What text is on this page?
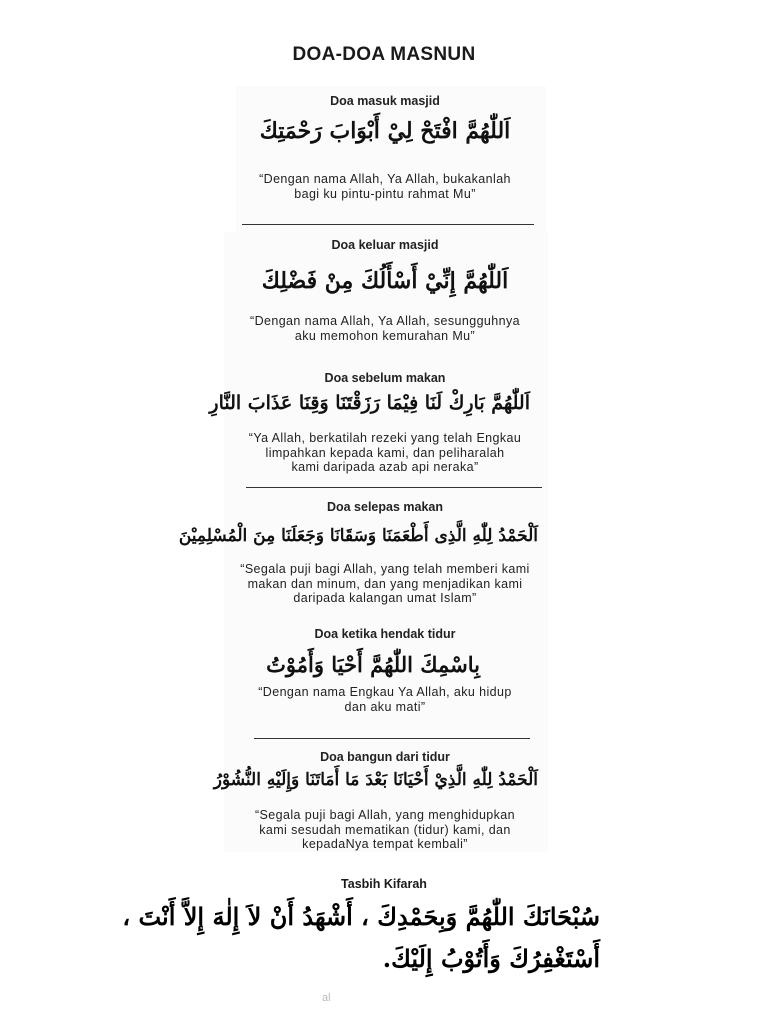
DOA-DOA MASNUN
Doa masuk masjid
اَللّٰهُمَّ افْتَحْ لِيْ أَبْوَابَ رَحْمَتِكَ
“Dengan nama Allah, Ya Allah, bukakanlah
bagi ku pintu-pintu rahmat Mu”
Doa keluar masjid
اَللّٰهُمَّ إِنِّيْ أَسْأَلُكَ مِنْ فَضْلِكَ
“Dengan nama Allah, Ya Allah, sesungguhnya
aku memohon kemurahan Mu”
Doa sebelum makan
اَللّٰهُمَّ بَارِكْ لَنَا فِيْمَا رَزَقْتَنَا وَقِنَا عَذَابَ النَّارِ
“Ya Allah, berkatilah rezeki yang telah Engkau
limpahkan kepada kami, dan peliharalah
kami daripada azab api neraka”
Doa selepas makan
اَلْحَمْدُ لِلّٰهِ الَّذِى أَطْعَمَنَا وَسَقَانَا وَجَعَلَنَا مِنَ الْمُسْلِمِيْنَ
“Segala puji bagi Allah, yang telah memberi kami
makan dan minum, dan yang menjadikan kami
daripada kalangan umat Islam”
Doa ketika hendak tidur
بِاسْمِكَ اللّٰهُمَّ أَحْيَا وَأَمُوْتُ
“Dengan nama Engkau Ya Allah, aku hidup
dan aku mati”
Doa bangun dari tidur
اَلْحَمْدُ لِلّٰهِ الَّذِيْ أَحْيَانَا بَعْدَ مَا أَمَاتَنَا وَإِلَيْهِ النُّشُوْرُ
“Segala puji bagi Allah, yang menghidupkan
kami sesudah mematikan (tidur) kami, dan
kepadaNya tempat kembali”
Tasbih Kifarah
سُبْحَانَكَ اللّٰهُمَّ وَبِحَمْدِكَ ، أَشْهَدُ أَنْ لاَ إِلٰهَ إِلاَّ أَنْتَ ،
أَسْتَغْفِرُكَ وَأَتُوْبُ إِلَيْكَ.
al
